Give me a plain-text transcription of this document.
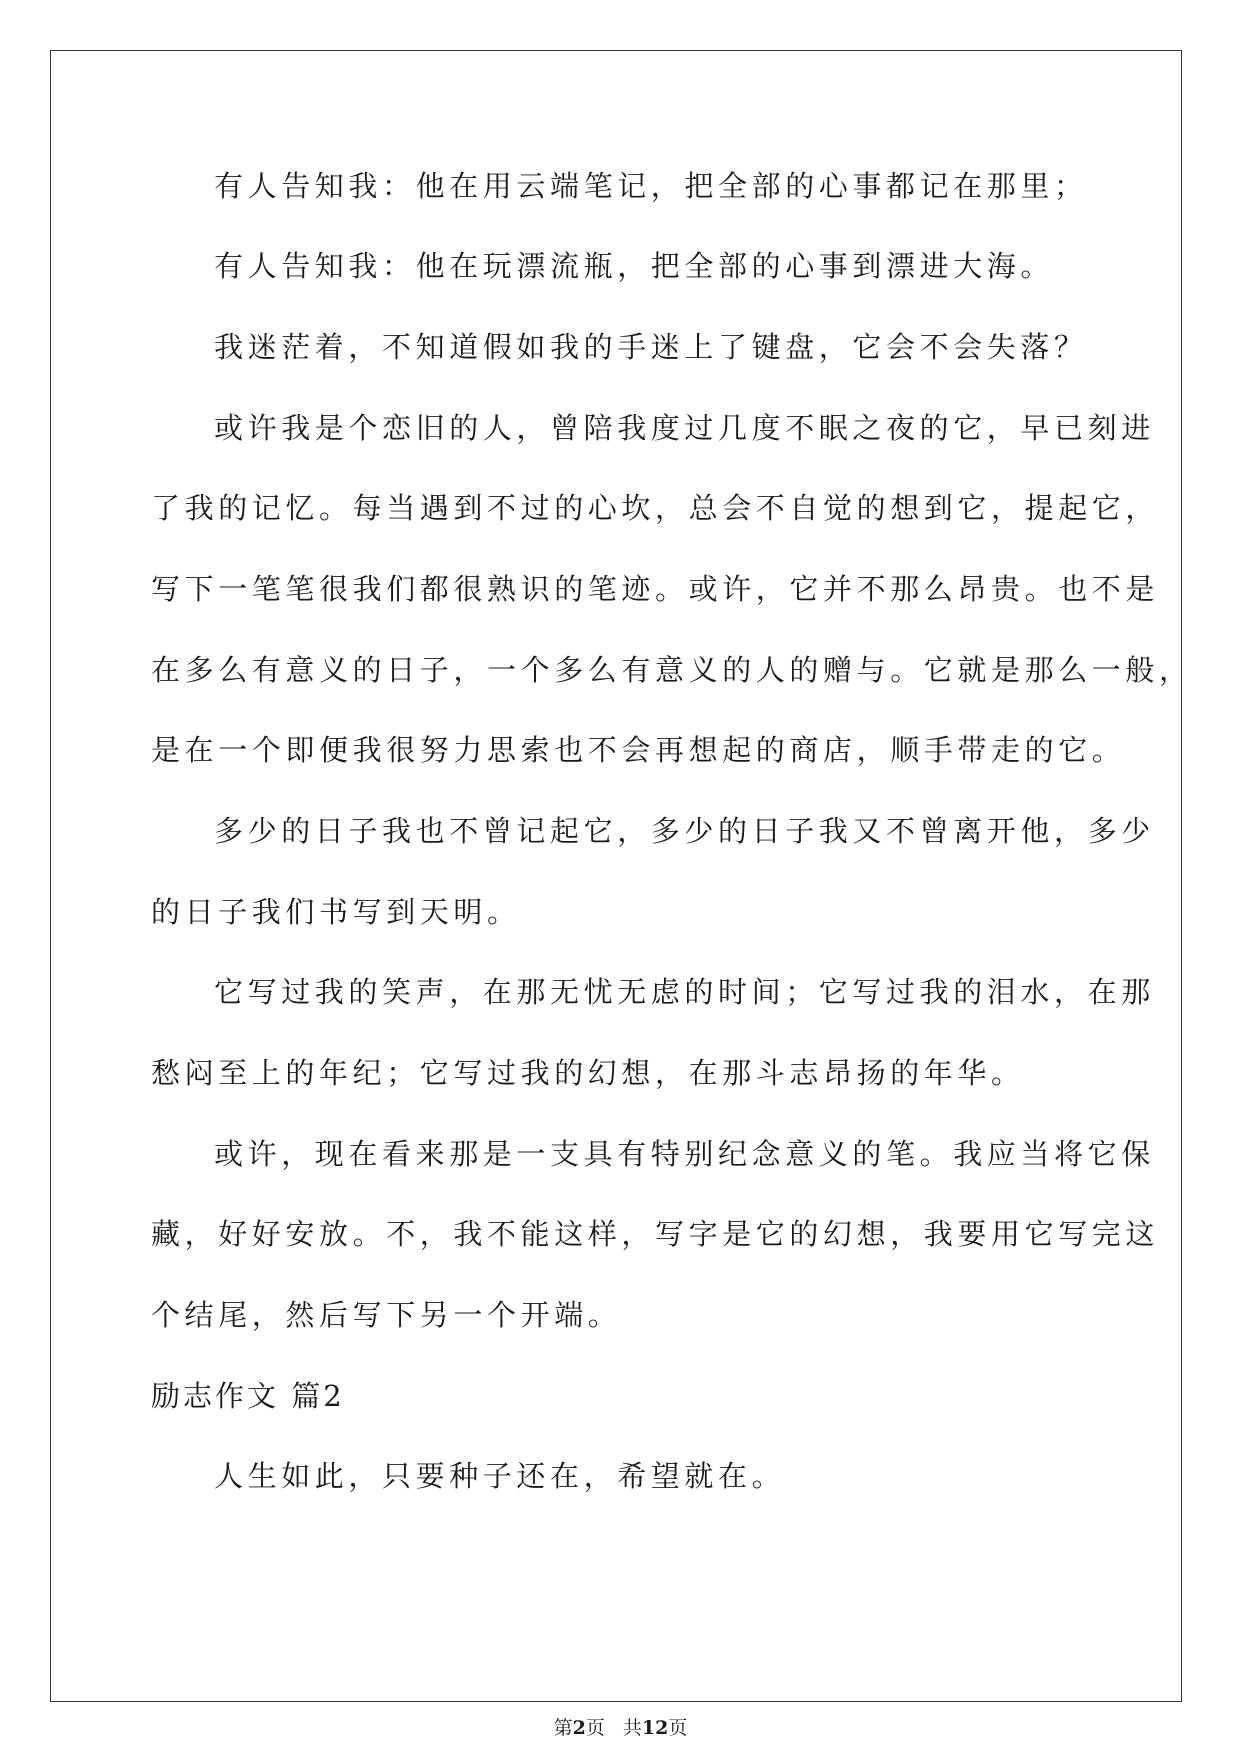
有人告知我：他在用云端笔记，把全部的心事都记在那里；
有人告知我：他在玩漂流瓶，把全部的心事到漂进大海。
我迷茫着，不知道假如我的手迷上了键盘，它会不会失落？
或许我是个恋旧的人，曾陪我度过几度不眠之夜的它，早已刻进
了我的记忆。每当遇到不过的心坎，总会不自觉的想到它，提起它，
写下一笔笔很我们都很熟识的笔迹。或许，它并不那么昂贵。也不是
在多么有意义的日子，一个多么有意义的人的赠与。它就是那么一般，
是在一个即便我很努力思索也不会再想起的商店，顺手带走的它。
多少的日子我也不曾记起它，多少的日子我又不曾离开他，多少
的日子我们书写到天明。
它写过我的笑声，在那无忧无虑的时间；它写过我的泪水，在那
愁闷至上的年纪；它写过我的幻想，在那斗志昂扬的年华。
或许，现在看来那是一支具有特别纪念意义的笔。我应当将它保
藏，好好安放。不，我不能这样，写字是它的幻想，我要用它写完这
个结尾，然后写下另一个开端。
励志作文 篇2
人生如此，只要种子还在，希望就在。
第2页 共12页
